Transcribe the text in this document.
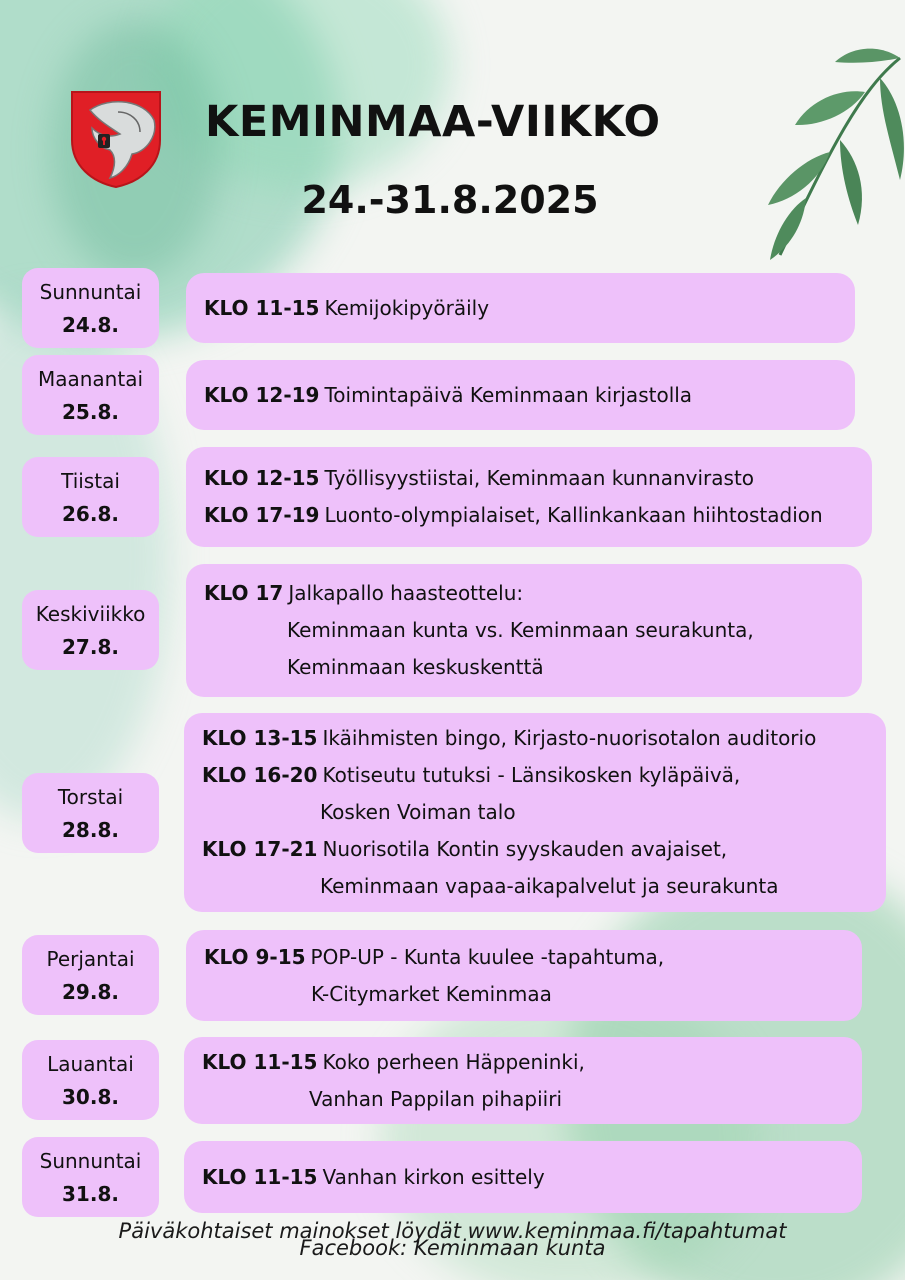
KEMINMAA-VIIKKO
24.-31.8.2025
Sunnuntai
24.8.
KLO 11-15 Kemijokipyöräily
Maanantai
25.8.
KLO 12-19 Toimintapäivä Keminmaan kirjastolla
Tiistai
26.8.
KLO 12-15 Työllisyystiistai, Keminmaan kunnanvirasto
KLO 17-19 Luonto-olympialaiset, Kallinkankaan hiihtostadion
Keskiviikko
27.8.
KLO 17 Jalkapallo haasteottelu:
Keminmaan kunta vs. Keminmaan seurakunta,
Keminmaan keskuskenttä
Torstai
28.8.
KLO 13-15 Ikäihmisten bingo, Kirjasto-nuorisotalon auditorio
KLO 16-20 Kotiseutu tutuksi - Länsikosken kyläpäivä,
Kosken Voiman talo
KLO 17-21 Nuorisotila Kontin syyskauden avajaiset,
Keminmaan vapaa-aikapalvelut ja seurakunta
Perjantai
29.8.
KLO 9-15 POP-UP - Kunta kuulee -tapahtuma,
K-Citymarket Keminmaa
Lauantai
30.8.
KLO 11-15 Koko perheen Häppeninki,
Vanhan Pappilan pihapiiri
Sunnuntai
31.8.
KLO 11-15 Vanhan kirkon esittely
Päiväkohtaiset mainokset löydät www.keminmaa.fi/tapahtumat
Facebook: Keminmaan kunta
